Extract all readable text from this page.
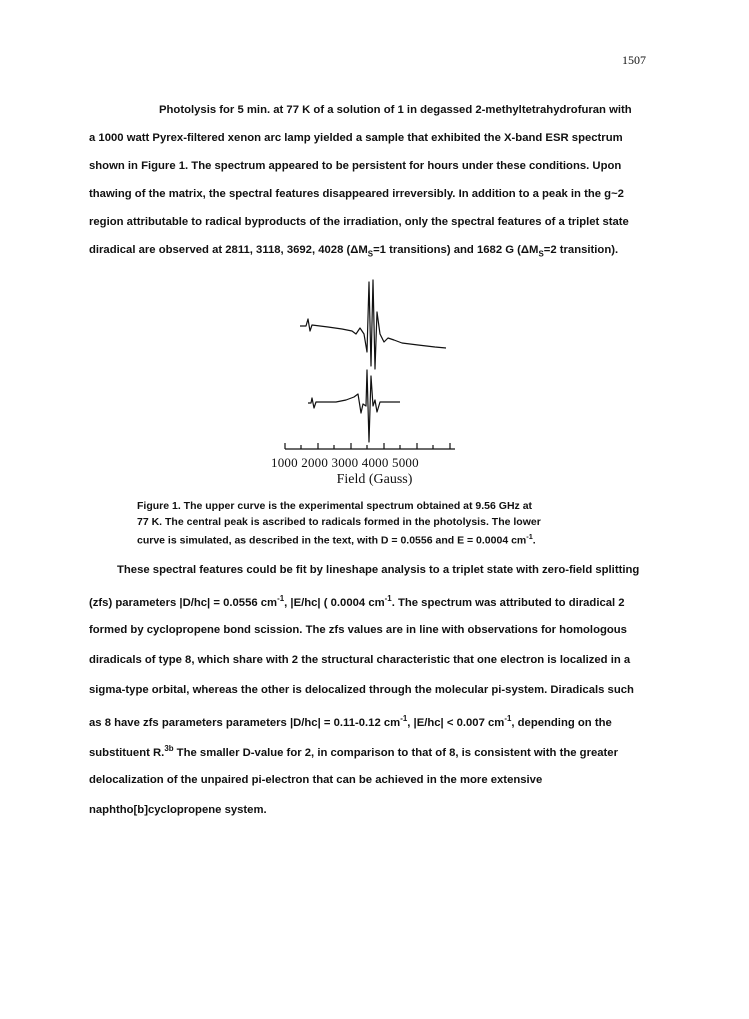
1507
Photolysis for 5 min. at 77 K of a solution of 1 in degassed 2-methyltetrahydrofuran with
a 1000 watt Pyrex-filtered xenon arc lamp yielded a sample that exhibited the X-band ESR spectrum
shown in Figure 1. The spectrum appeared to be persistent for hours under these conditions. Upon
thawing of the matrix, the spectral features disappeared irreversibly. In addition to a peak in the g~2
region attributable to radical byproducts of the irradiation, only the spectral features of a triplet state
diradical are observed at 2811, 3118, 3692, 4028 ($\Delta M_S=1$ transitions) and 1682 G ($\Delta M_S=2$ transition).
1000 2000 3000 4000 5000
Field (Gauss)
Figure 1. The upper curve is the experimental spectrum obtained at 9.56 GHz at
77 K. The central peak is ascribed to radicals formed in the photolysis. The lower
curve is simulated, as described in the text, with D = 0.0556 and E = 0.0004 $cm^{-1}$.
These spectral features could be fit by lineshape analysis to a triplet state with zero-field splitting
(zfs) parameters |D/hc| = 0.0556 $cm^{-1}$, |E/hc| ( 0.0004 $cm^{-1}$. The spectrum was attributed to diradical 2
formed by cyclopropene bond scission. The zfs values are in line with observations for homologous
diradicals of type 8, which share with 2 the structural characteristic that one electron is localized in a
sigma-type orbital, whereas the other is delocalized through the molecular pi-system. Diradicals such
as 8 have zfs parameters parameters |D/hc| = 0.11-0.12 $cm^{-1}$, |E/hc| < 0.007 $cm^{-1}$, depending on the
substituent R.$^{3b}$ The smaller D-value for 2, in comparison to that of 8, is consistent with the greater
delocalization of the unpaired pi-electron that can be achieved in the more extensive
naphtho[b]cyclopropene system.
